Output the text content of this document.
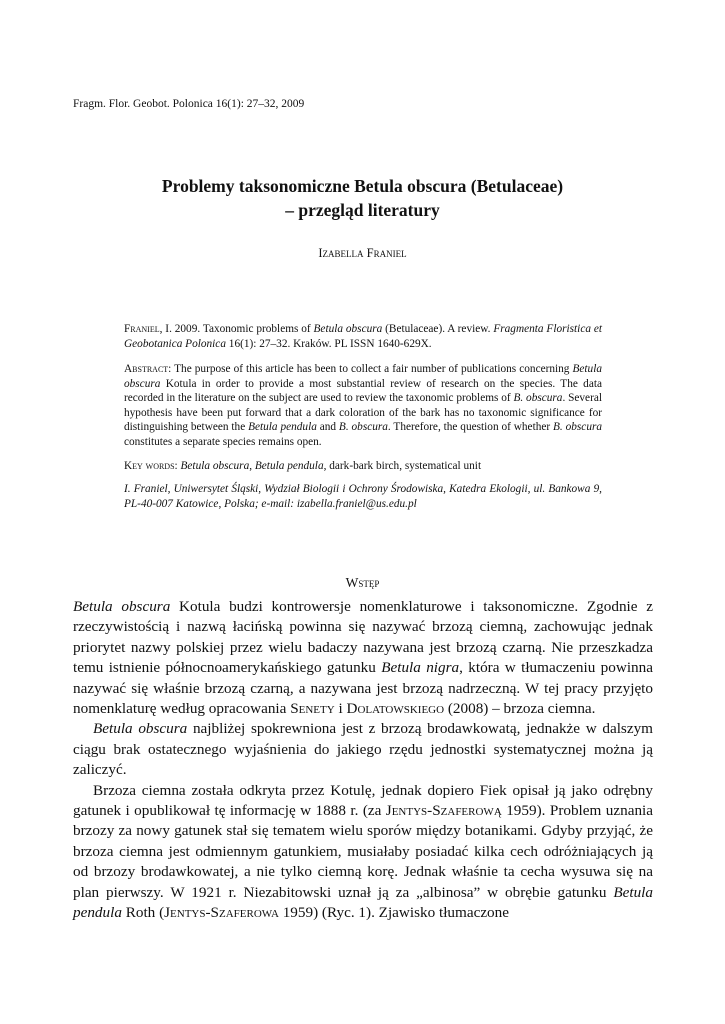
Fragm. Flor. Geobot. Polonica 16(1): 27–32, 2009
Problemy taksonomiczne Betula obscura (Betulaceae)
– przegląd literatury
Izabella Franiel
Franiel, I. 2009. Taxonomic problems of Betula obscura (Betulaceae). A review. Fragmenta Floristica et Geobotanica Polonica 16(1): 27–32. Kraków. PL ISSN 1640-629X.
Abstract: The purpose of this article has been to collect a fair number of publications concerning Betula obscura Kotula in order to provide a most substantial review of research on the species. The data recorded in the literature on the subject are used to review the taxonomic problems of B. obscura. Several hypothesis have been put forward that a dark coloration of the bark has no taxonomic significance for distinguishing between the Betula pendula and B. obscura. Therefore, the question of whether B. obscura constitutes a separate species remains open.
Key words: Betula obscura, Betula pendula, dark-bark birch, systematical unit
I. Franiel, Uniwersytet Śląski, Wydział Biologii i Ochrony Środowiska, Katedra Ekologii, ul. Bankowa 9, PL-40-007 Katowice, Polska; e-mail: izabella.franiel@us.edu.pl
Wstęp

Betula obscura Kotula budzi kontrowersje nomenklaturowe i taksonomiczne. Zgodnie z rzeczywistością i nazwą łacińską powinna się nazywać brzozą ciemną, zachowując jednak priorytet nazwy polskiej przez wielu badaczy nazywana jest brzozą czarną. Nie przeszkadza temu istnienie północnoamerykańskiego gatunku Betula nigra, która w tłumaczeniu powinna nazywać się właśnie brzozą czarną, a nazywana jest brzozą nadrzeczną. W tej pracy przyjęto nomenklaturę według opracowania Senety i Dolatowskiego (2008) – brzoza ciemna.

Betula obscura najbliżej spokrewniona jest z brzozą brodawkowatą, jednakże w dalszym ciągu brak ostatecznego wyjaśnienia do jakiego rzędu jednostki systematycznej można ją zaliczyć.

Brzoza ciemna została odkryta przez Kotulę, jednak dopiero Fiek opisał ją jako odrębny gatunek i opublikował tę informację w 1888 r. (za Jentys-Szaferową 1959). Problem uznania brzozy za nowy gatunek stał się tematem wielu sporów między botanikami. Gdyby przyjąć, że brzoza ciemna jest odmiennym gatunkiem, musiałaby posiadać kilka cech odróżniających ją od brzozy brodawkowatej, a nie tylko ciemną korę. Jednak właśnie ta cecha wysuwa się na plan pierwszy. W 1921 r. Niezabitowski uznał ją za „albinosa” w obrębie gatunku Betula pendula Roth (Jentys-Szaferowa 1959) (Ryc. 1). Zjawisko tłumaczone
